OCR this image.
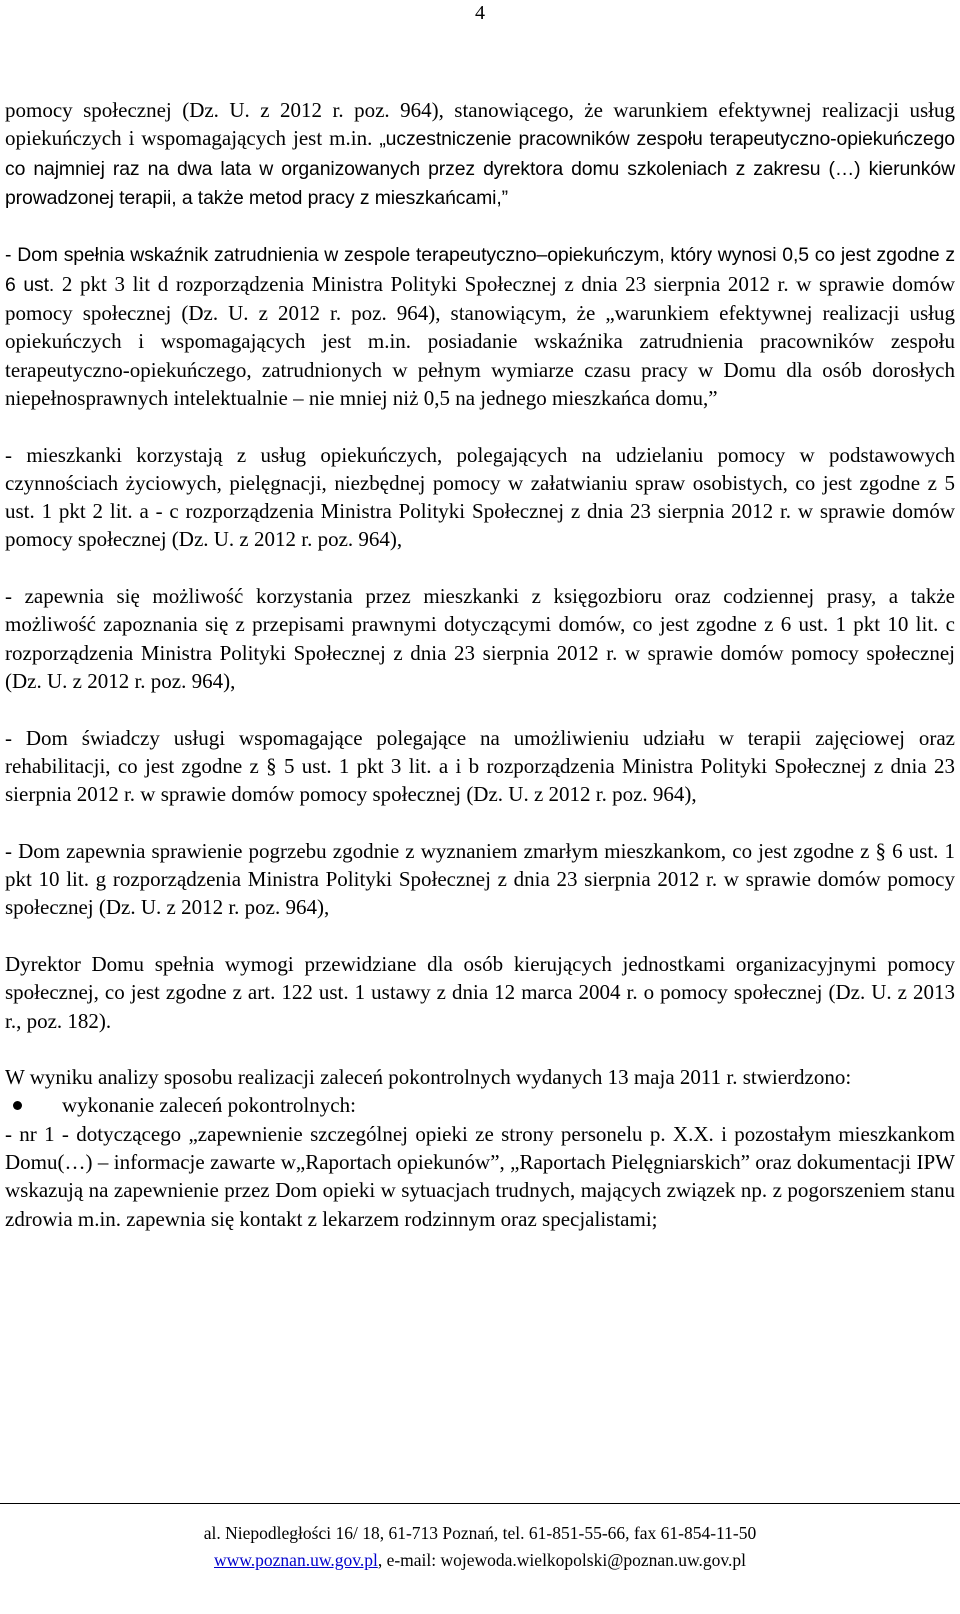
4

pomocy społecznej (Dz. U. z 2012 r. poz. 964), stanowiącego, że warunkiem efektywnej realizacji usług opiekuńczych i wspomagających jest m.in. „uczestniczenie pracowników zespołu terapeutyczno-opiekuńczego co najmniej raz na dwa lata w organizowanych przez dyrektora domu szkoleniach z zakresu (…) kierunków prowadzonej terapii, a także metod pracy z mieszkańcami,”

- Dom spełnia wskaźnik zatrudnienia w zespole terapeutyczno–opiekuńczym, który wynosi 0,5 co jest zgodne z 6 ust. 2 pkt 3 lit d rozporządzenia Ministra Polityki Społecznej z dnia 23 sierpnia 2012 r. w sprawie domów pomocy społecznej (Dz. U. z 2012 r. poz. 964), stanowiącym, że „warunkiem efektywnej realizacji usług opiekuńczych i wspomagających jest m.in. posiadanie wskaźnika zatrudnienia pracowników zespołu terapeutyczno-opiekuńczego, zatrudnionych w pełnym wymiarze czasu pracy w Domu dla osób dorosłych niepełnosprawnych intelektualnie – nie mniej niż 0,5 na jednego mieszkańca domu,”

- mieszkanki korzystają z usług opiekuńczych, polegających na udzielaniu pomocy w podstawowych czynnościach życiowych, pielęgnacji, niezbędnej pomocy w załatwianiu spraw osobistych, co jest zgodne z 5 ust. 1 pkt 2 lit. a - c rozporządzenia Ministra Polityki Społecznej z dnia 23 sierpnia 2012 r. w sprawie domów pomocy społecznej (Dz. U. z 2012 r. poz. 964),

- zapewnia się możliwość korzystania przez mieszkanki z księgozbioru oraz codziennej prasy, a także możliwość zapoznania się z przepisami prawnymi dotyczącymi domów, co jest zgodne z 6 ust. 1 pkt 10 lit. c rozporządzenia Ministra Polityki Społecznej z dnia 23 sierpnia 2012 r. w sprawie domów pomocy społecznej (Dz. U. z 2012 r. poz. 964),

- Dom świadczy usługi wspomagające polegające na umożliwieniu udziału w terapii zajęciowej oraz rehabilitacji, co jest zgodne z § 5 ust. 1 pkt 3 lit. a i b rozporządzenia Ministra Polityki Społecznej z dnia 23 sierpnia 2012 r. w sprawie domów pomocy społecznej (Dz. U. z 2012 r. poz. 964),

- Dom zapewnia sprawienie pogrzebu zgodnie z wyznaniem zmarłym mieszkankom, co jest zgodne z § 6 ust. 1 pkt 10 lit. g rozporządzenia Ministra Polityki Społecznej z dnia 23 sierpnia 2012 r. w sprawie domów pomocy społecznej (Dz. U. z 2012 r. poz. 964),

Dyrektor Domu spełnia wymogi przewidziane dla osób kierujących jednostkami organizacyjnymi pomocy społecznej, co jest zgodne z art. 122 ust. 1 ustawy z dnia 12 marca 2004 r. o pomocy społecznej (Dz. U. z 2013 r., poz. 182).

W wyniku analizy sposobu realizacji zaleceń pokontrolnych wydanych 13 maja 2011 r. stwierdzono:

wykonanie zaleceń pokontrolnych:

- nr 1 - dotyczącego „zapewnienie szczególnej opieki ze strony personelu p. X.X. i pozostałym mieszkankom Domu(…) – informacje zawarte w„Raportach opiekunów”, „Raportach Pielęgniarskich” oraz dokumentacji IPW wskazują na zapewnienie przez Dom opieki w sytuacjach trudnych, mających związek np. z pogorszeniem stanu zdrowia m.in. zapewnia się kontakt z lekarzem rodzinnym oraz specjalistami;

al. Niepodległości 16/ 18, 61-713 Poznań, tel. 61-851-55-66, fax 61-854-11-50
www.poznan.uw.gov.pl, e-mail: wojewoda.wielkopolski@poznan.uw.gov.pl
